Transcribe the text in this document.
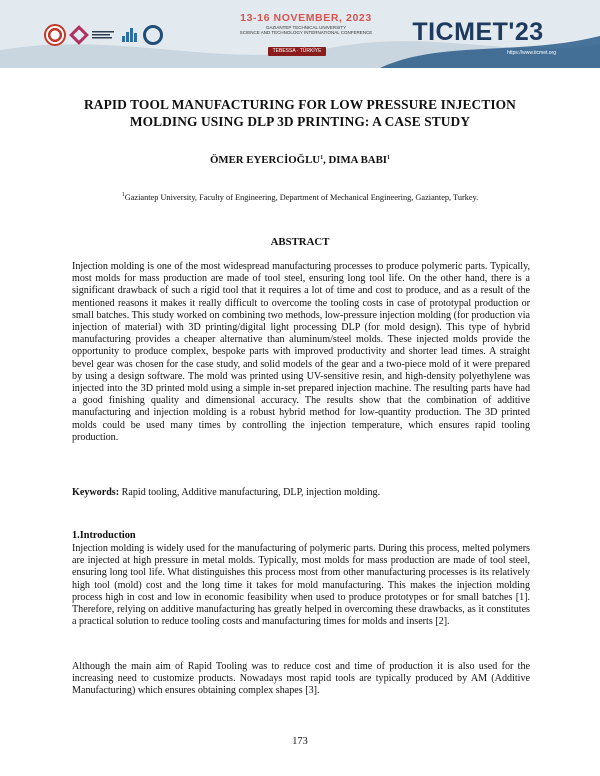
13-16 NOVEMBER, 2023
GAZIANTEP TECHNICAL UNIVERSITY
SCIENCE AND TECHNOLOGY INTERNATIONAL CONFERENCE
TEBESSA · TÜRKİYE
TICMET'23
https://www.ticmet.org
RAPID TOOL MANUFACTURING FOR LOW PRESSURE INJECTION
MOLDING USING DLP 3D PRINTING: A CASE STUDY
ÖMER EYERCİOĞLU$^1$, DIMA BABI$^1$
$^1$Gaziantep University, Faculty of Engineering, Department of Mechanical Engineering, Gaziantep, Turkey.
ABSTRACT

Injection molding is one of the most widespread manufacturing processes to produce polymeric parts. Typically, most molds for mass production are made of tool steel, ensuring long tool life. On the other hand, there is a significant drawback of such a rigid tool that it requires a lot of time and cost to produce, and as a result of the mentioned reasons it makes it really difficult to overcome the tooling costs in case of prototypal production or small batches. This study worked on combining two methods, low-pressure injection molding (for production via injection of material) with 3D printing/digital light processing DLP (for mold design). This type of hybrid manufacturing provides a cheaper alternative than aluminum/steel molds. These injected molds provide the opportunity to produce complex, bespoke parts with improved productivity and shorter lead times. A straight bevel gear was chosen for the case study, and solid models of the gear and a two-piece mold of it were prepared by using a design software. The mold was printed using UV-sensitive resin, and high-density polyethylene was injected into the 3D printed mold using a simple in-set prepared injection machine. The resulting parts have had a good finishing quality and dimensional accuracy. The results show that the combination of additive manufacturing and injection molding is a robust hybrid method for low-quantity production. The 3D printed molds could be used many times by controlling the injection temperature, which ensures rapid tooling production.

Keywords: Rapid tooling, Additive manufacturing, DLP, injection molding.

1.Introduction

Injection molding is widely used for the manufacturing of polymeric parts. During this process, melted polymers are injected at high pressure in metal molds. Typically, most molds for mass production are made of tool steel, ensuring long tool life. What distinguishes this process most from other manufacturing processes is its relatively high tool (mold) cost and the long time it takes for mold manufacturing. This makes the injection molding process high in cost and low in economic feasibility when used to produce prototypes or for small batches [1]. Therefore, relying on additive manufacturing has greatly helped in overcoming these drawbacks, as it constitutes a practical solution to reduce tooling costs and manufacturing times for molds and inserts [2].

Although the main aim of Rapid Tooling was to reduce cost and time of production it is also used for the increasing need to customize products. Nowadays most rapid tools are typically produced by AM (Additive Manufacturing) which ensures obtaining complex shapes [3].

173
